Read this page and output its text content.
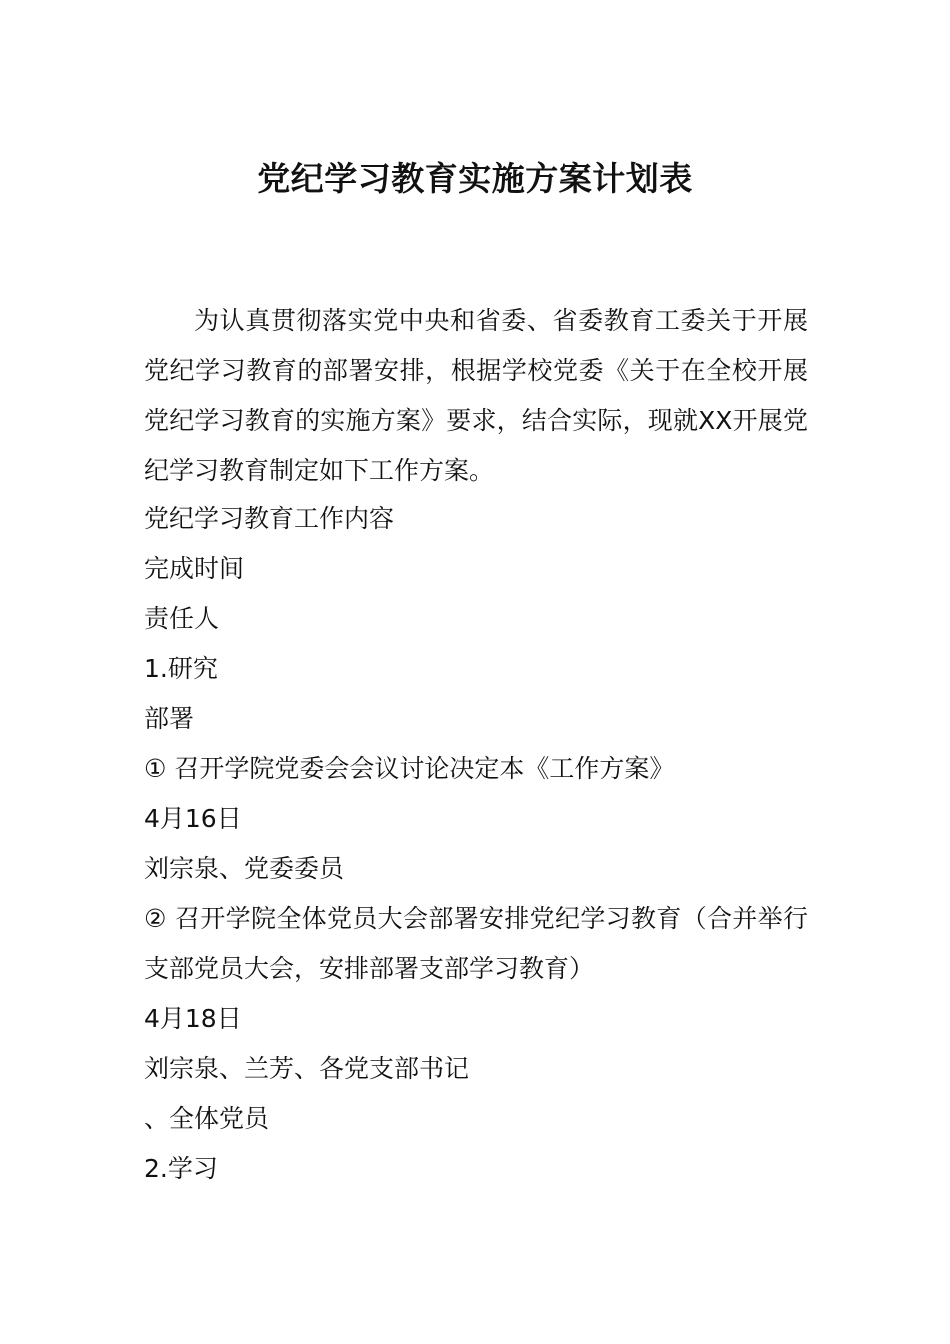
党纪学习教育实施方案计划表

为认真贯彻落实党中央和省委、省委教育工委关于开展党纪学习教育的部署安排，根据学校党委《关于在全校开展党纪学习教育的实施方案》要求，结合实际，现就XX开展党纪学习教育制定如下工作方案。

党纪学习教育工作内容

完成时间

责任人

1.研究

部署

① 召开学院党委会会议讨论决定本《工作方案》

4月16日

刘宗泉、党委委员

② 召开学院全体党员大会部署安排党纪学习教育（合并举行支部党员大会，安排部署支部学习教育）

4月18日

刘宗泉、兰芳、各党支部书记

、全体党员

2.学习
